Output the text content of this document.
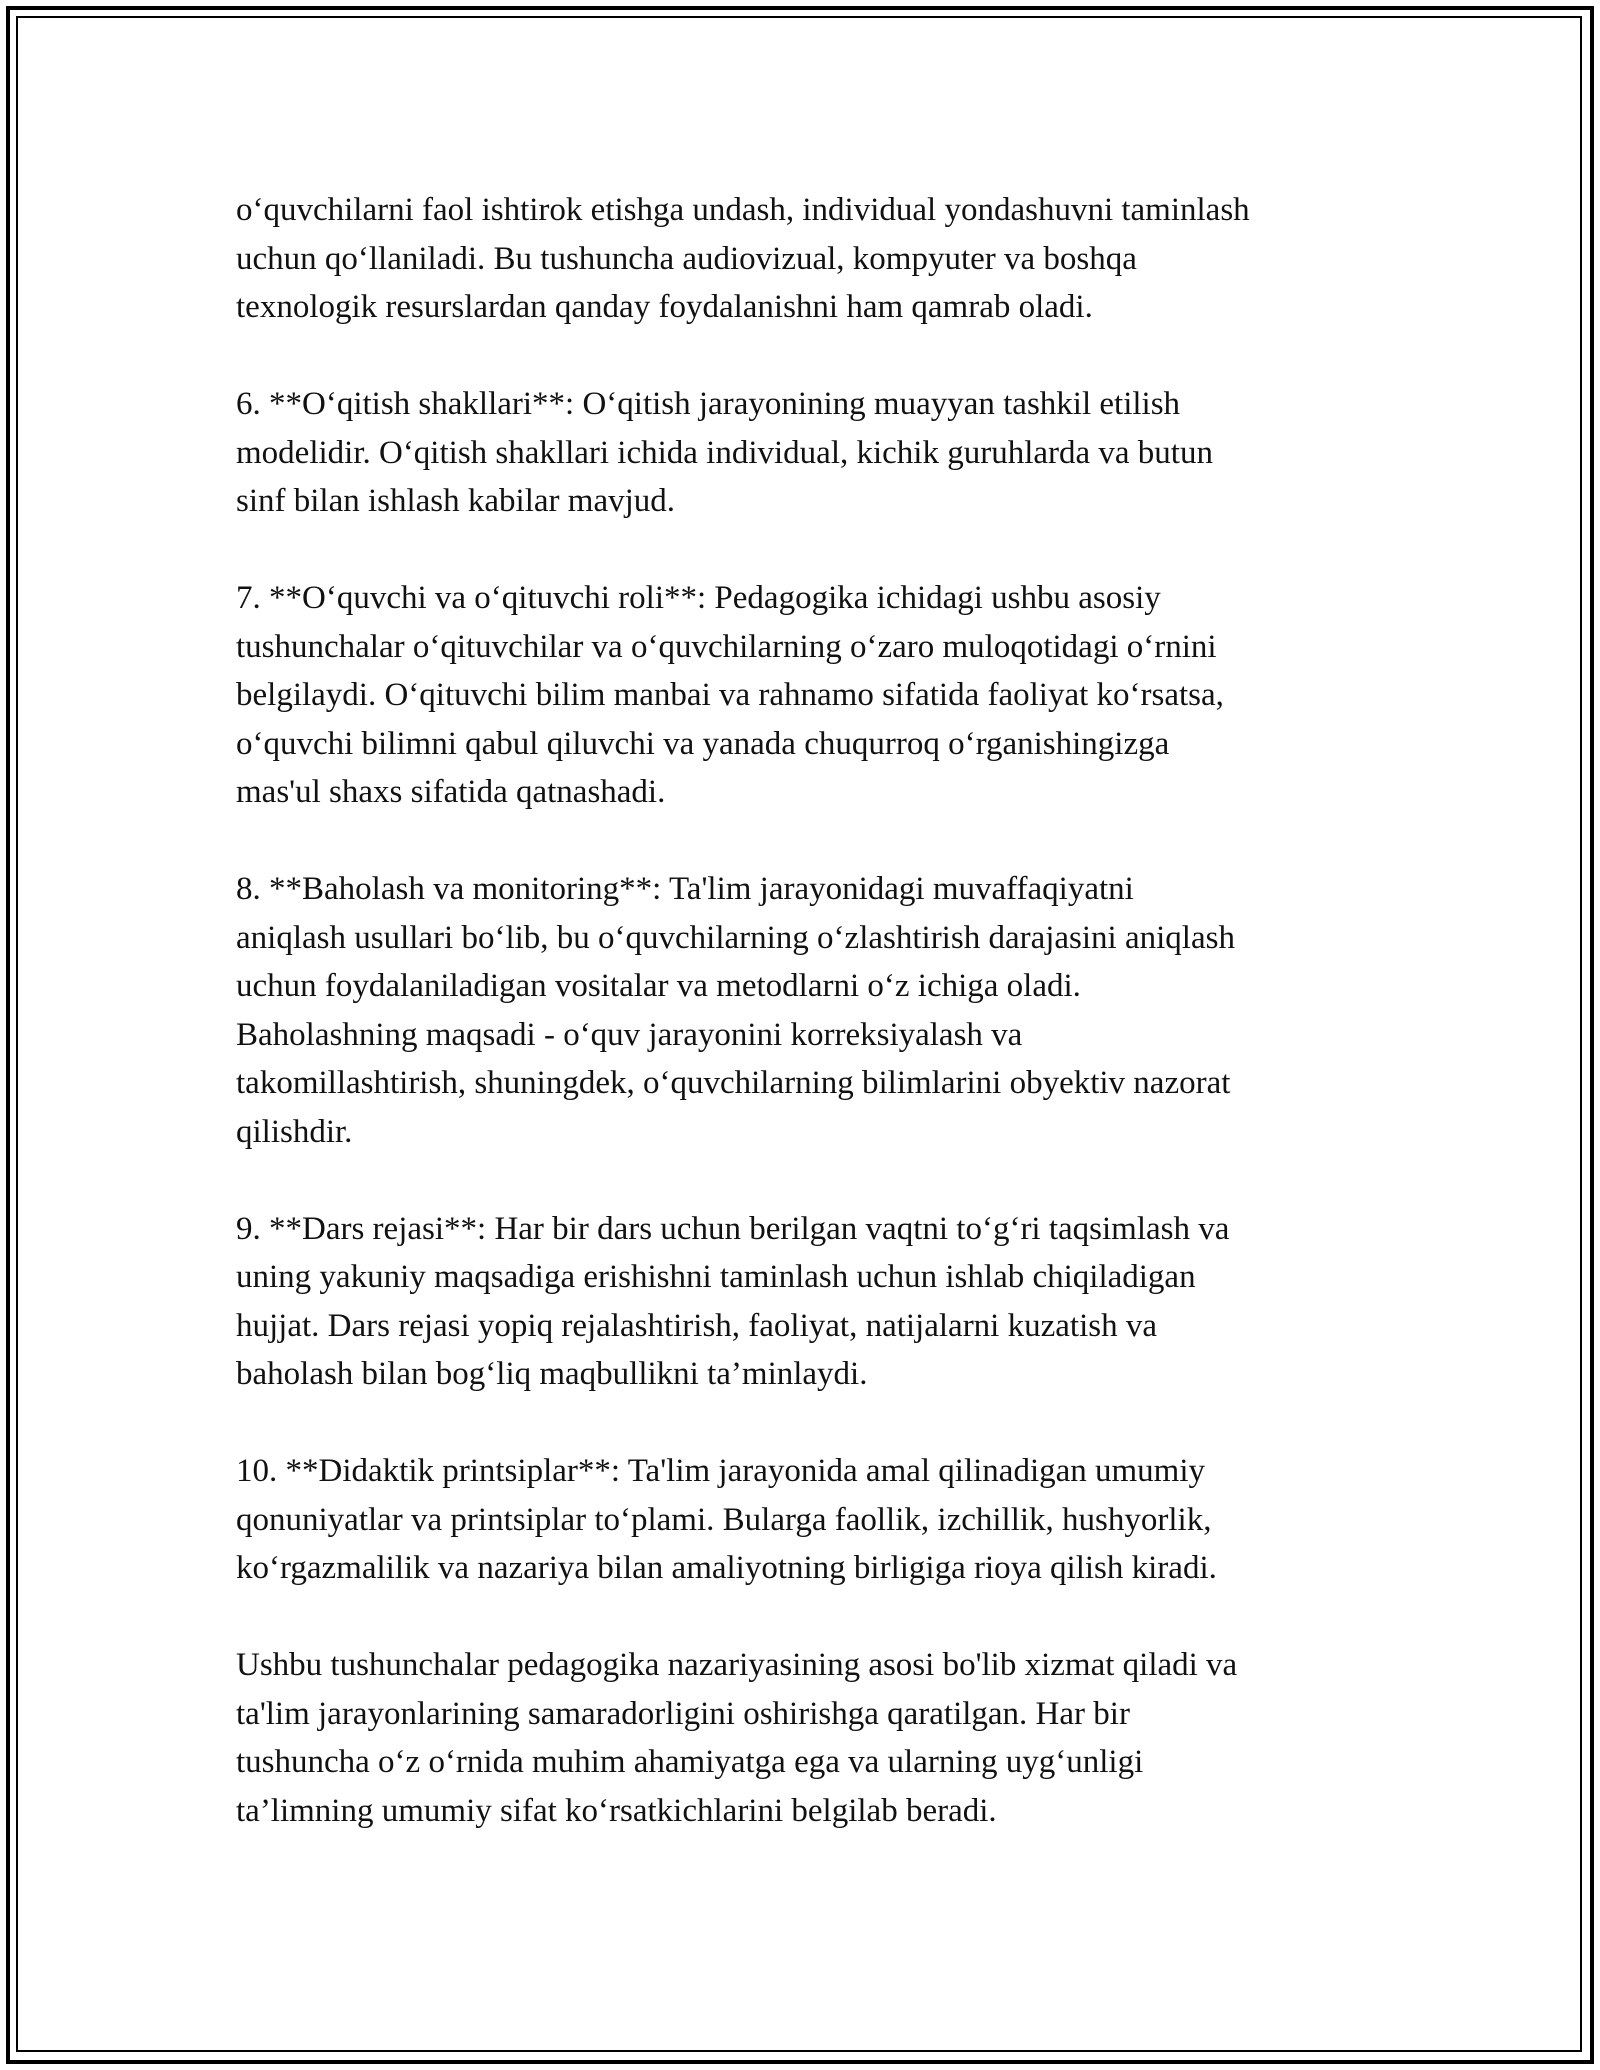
o‘quvchilarni faol ishtirok etishga undash, individual yondashuvni taminlash
uchun qo‘llaniladi. Bu tushuncha audiovizual, kompyuter va boshqa
texnologik resurslardan qanday foydalanishni ham qamrab oladi.

6. **O‘qitish shakllari**: O‘qitish jarayonining muayyan tashkil etilish
modelidir. O‘qitish shakllari ichida individual, kichik guruhlarda va butun
sinf bilan ishlash kabilar mavjud.

7. **O‘quvchi va o‘qituvchi roli**: Pedagogika ichidagi ushbu asosiy
tushunchalar o‘qituvchilar va o‘quvchilarning o‘zaro muloqotidagi o‘rnini
belgilaydi. O‘qituvchi bilim manbai va rahnamo sifatida faoliyat ko‘rsatsa,
o‘quvchi bilimni qabul qiluvchi va yanada chuqurroq o‘rganishingizga
mas'ul shaxs sifatida qatnashadi.

8. **Baholash va monitoring**: Ta'lim jarayonidagi muvaffaqiyatni
aniqlash usullari bo‘lib, bu o‘quvchilarning o‘zlashtirish darajasini aniqlash
uchun foydalaniladigan vositalar va metodlarni o‘z ichiga oladi.
Baholashning maqsadi - o‘quv jarayonini korreksiyalash va
takomillashtirish, shuningdek, o‘quvchilarning bilimlarini obyektiv nazorat
qilishdir.

9. **Dars rejasi**: Har bir dars uchun berilgan vaqtni to‘g‘ri taqsimlash va
uning yakuniy maqsadiga erishishni taminlash uchun ishlab chiqiladigan
hujjat. Dars rejasi yopiq rejalashtirish, faoliyat, natijalarni kuzatish va
baholash bilan bog‘liq maqbullikni ta’minlaydi.

10. **Didaktik printsiplar**: Ta'lim jarayonida amal qilinadigan umumiy
qonuniyatlar va printsiplar to‘plami. Bularga faollik, izchillik, hushyorlik,
ko‘rgazmalilik va nazariya bilan amaliyotning birligiga rioya qilish kiradi.

Ushbu tushunchalar pedagogika nazariyasining asosi bo'lib xizmat qiladi va
ta'lim jarayonlarining samaradorligini oshirishga qaratilgan. Har bir
tushuncha o‘z o‘rnida muhim ahamiyatga ega va ularning uyg‘unligi
ta’limning umumiy sifat ko‘rsatkichlarini belgilab beradi.
